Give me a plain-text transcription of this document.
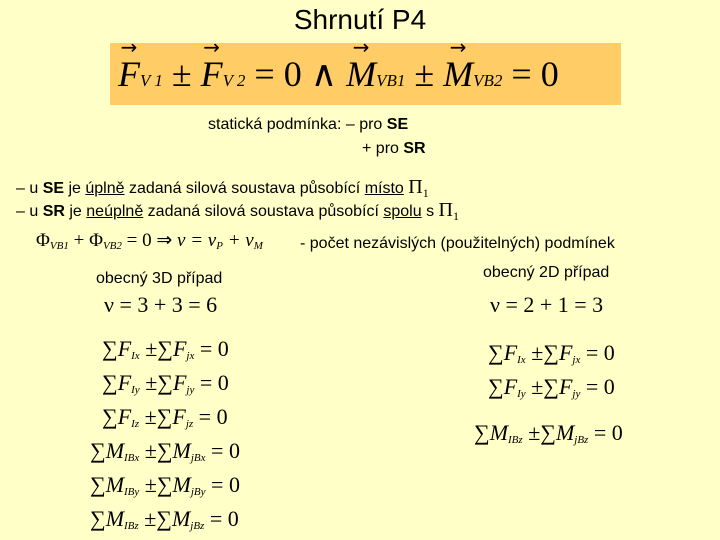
Shrnutí P4
→ FV 1 ± → FV 2 = 0 ∧ → MVB1 ± → MVB2 = 0
statická podmínka: – pro SE
+ pro SR
– u SE je úplně zadaná silová soustava působící místo $\Pi_1$
– u SR je neúplně zadaná silová soustava působící spolu s $\Pi_1$
ΦVB1 + ΦVB2 = 0 ⇒ ν = νP + νM - počet nezávislých (použitelných) podmínek
obecný 3D případ
ν = 3 + 3 = 6
obecný 2D případ
ν = 2 + 1 = 3
∑FIx ±∑Fjx = 0
∑FIy ±∑Fjy = 0
∑FIz ±∑Fjz = 0
∑MIBx ±∑MjBx = 0
∑MIBy ±∑MjBy = 0
∑MIBz ±∑MjBz = 0
∑FIx ±∑Fjx = 0
∑FIy ±∑Fjy = 0
∑MIBz ±∑MjBz = 0
